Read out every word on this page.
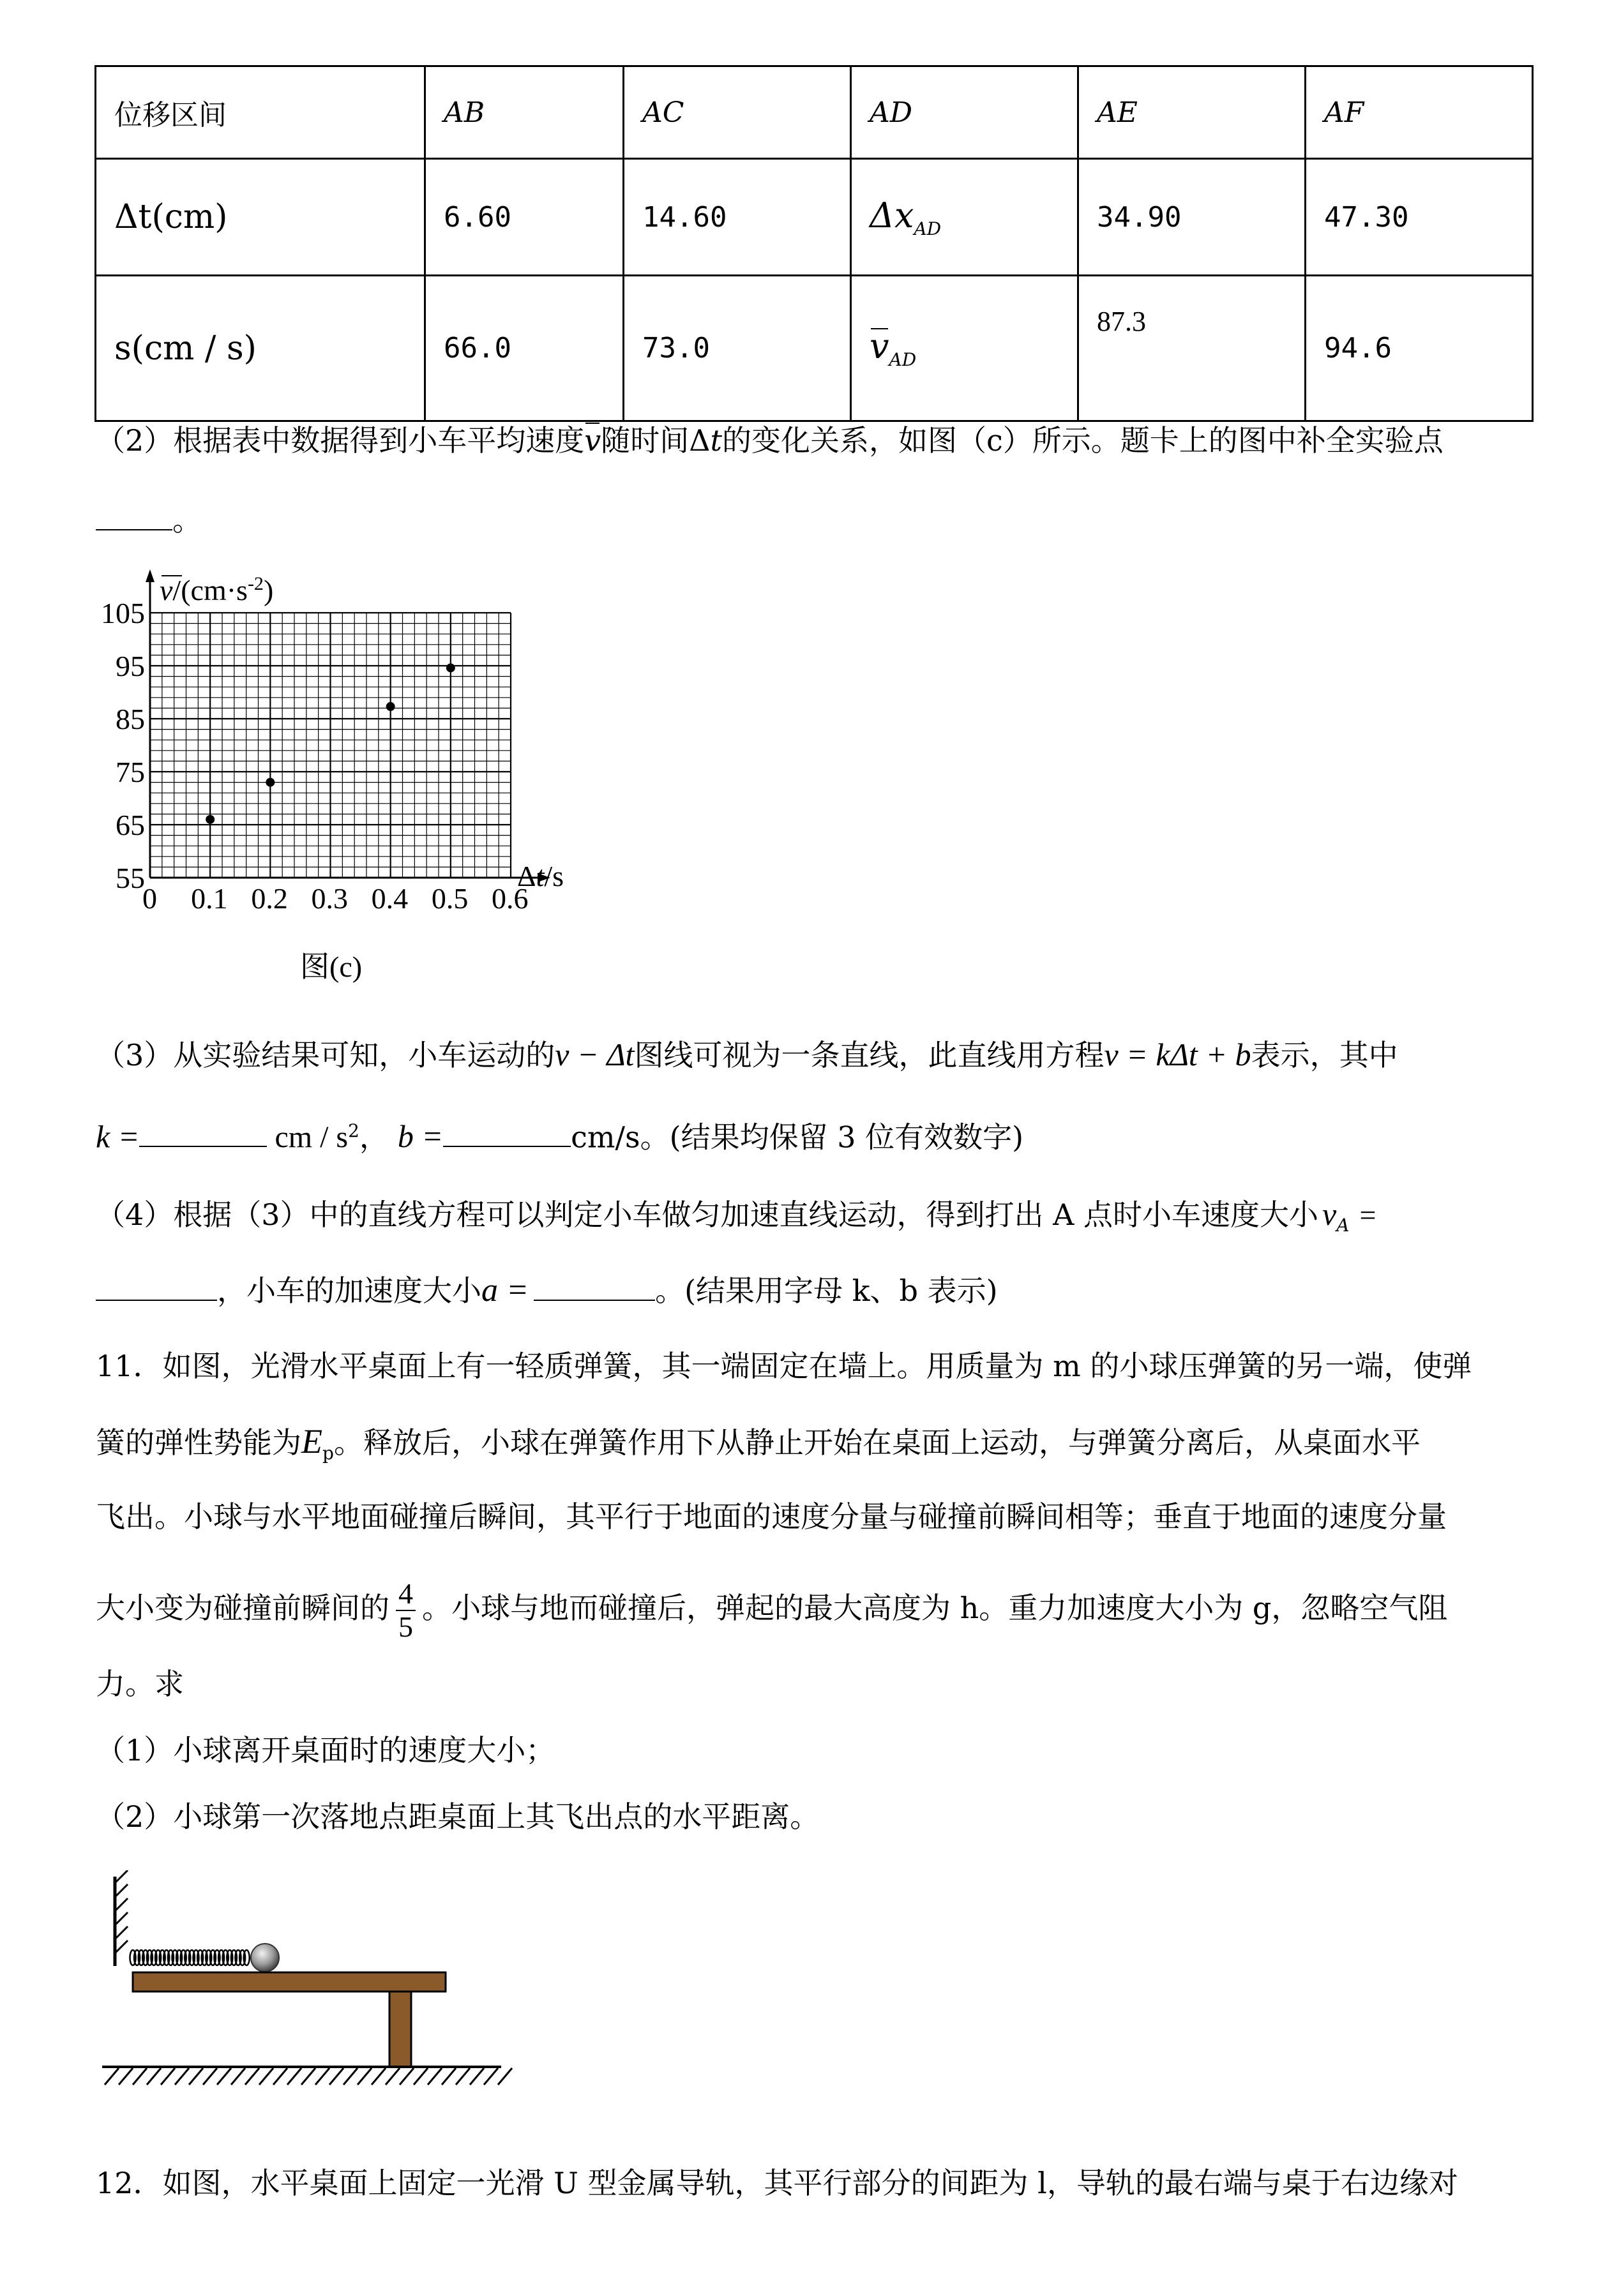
位移区间	AB	AC	AD	AE	AF
Δt(cm)	6.60	14.60	$\Delta x_{AD}$	34.90	47.30
s(cm / s)	66.0	73.0	$v_{AD}$	87.3	94.6
（2）根据表中数据得到小车平均速度v随时间Δt的变化关系，如图（c）所示。题卡上的图中补全实验点
。
0 0.1 0.2 0.3 0.4 0.5 0.6
55
65
75
85
95
105
$v/(cm\cdot s^{-2})$
Δt/s
图(c)
（3）从实验结果可知，小车运动的v − Δt图线可视为一条直线，此直线用方程v = kΔt + b表示，其中
k =	cm / $s^2$， b =	cm/s。(结果均保留 3 位有效数字)
（4）根据（3）中的直线方程可以判定小车做匀加速直线运动，得到打出 A 点时小车速度大小 $v_A$ =
，小车的加速度大小a =	。(结果用字母 k、b 表示)
11．如图，光滑水平桌面上有一轻质弹簧，其一端固定在墙上。用质量为 m 的小球压弹簧的另一端，使弹
簧的弹性势能为$E_p$。释放后，小球在弹簧作用下从静止开始在桌面上运动，与弹簧分离后，从桌面水平
飞出。小球与水平地面碰撞后瞬间，其平行于地面的速度分量与碰撞前瞬间相等；垂直于地面的速度分量
大小变为碰撞前瞬间的 $\frac{4}{5}$ 。小球与地而碰撞后，弹起的最大高度为 h。重力加速度大小为 g，忽略空气阻
力。求
（1）小球离开桌面时的速度大小；
（2）小球第一次落地点距桌面上其飞出点的水平距离。
12．如图，水平桌面上固定一光滑 U 型金属导轨，其平行部分的间距为 l，导轨的最右端与桌于右边缘对
